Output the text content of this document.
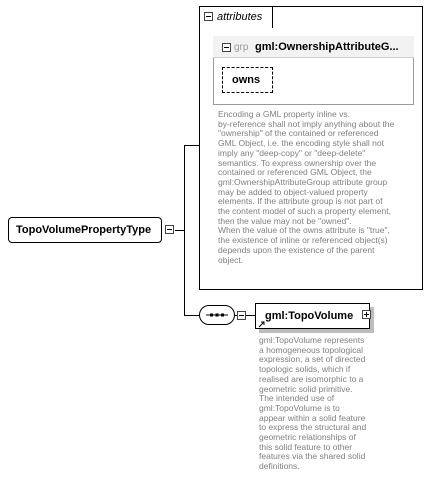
attributes
grp gml:OwnershipAttributeG...
owns
Encoding a GML property inline vs.
by-reference shall not imply anything about the
"ownership" of the contained or referenced
GML Object, i.e. the encoding style shall not
imply any "deep-copy" or "deep-delete"
semantics. To express ownership over the
contained or referenced GML Object, the
gml:OwnershipAttributeGroup attribute group
may be added to object-valued property
elements. If the attribute group is not part of
the content model of such a property element,
then the value may not be "owned".
When the value of the owns attribute is "true",
the existence of inline or referenced object(s)
depends upon the existence of the parent
object.
TopoVolumePropertyType
gml:TopoVolume
gml:TopoVolume represents
a homogeneous topological
expression, a set of directed
topologic solids, which if
realised are isomorphic to a
geometric solid primitive.
The intended use of
gml:TopoVolume is to
appear within a solid feature
to express the structural and
geometric relationships of
this solid feature to other
features via the shared solid
definitions.
